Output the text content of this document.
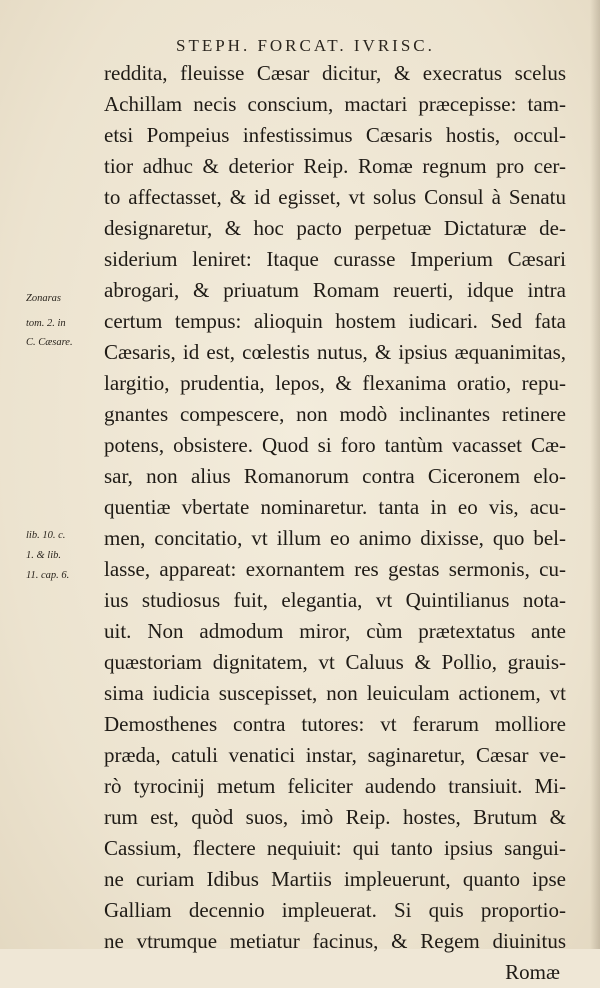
STEPH. FORCAT. IVRISC.
Zonaras
tom. 2. in
C. Cæsare.
lib. 10. c.
1. & lib.
11. cap. 6.
reddita, fleuisse Cæsar dicitur, & execratus scelus
Achillam necis conscium, mactari præcepisse: tam-
etsi Pompeius infestissimus Cæsaris hostis, occul-
tior adhuc & deterior Reip. Romæ regnum pro cer-
to affectasset, & id egisset, vt solus Consul à Senatu
designaretur, & hoc pacto perpetuæ Dictaturæ de-
siderium leniret: Itaque curasse Imperium Cæsari
abrogari, & priuatum Romam reuerti, idque intra
certum tempus: alioquin hostem iudicari. Sed fata
Cæsaris, id est, cœlestis nutus, & ipsius æquanimitas,
largitio, prudentia, lepos, & flexanima oratio, repu-
gnantes compescere, non modò inclinantes retinere
potens, obsistere. Quod si foro tantùm vacasset Cæ-
sar, non alius Romanorum contra Ciceronem elo-
quentiæ vbertate nominaretur. tanta in eo vis, acu-
men, concitatio, vt illum eo animo dixisse, quo bel-
lasse, appareat: exornantem res gestas sermonis, cu-
ius studiosus fuit, elegantia, vt Quintilianus nota-
uit. Non admodum miror, cùm prætextatus ante
quæstoriam dignitatem, vt Caluus & Pollio, grauis-
sima iudicia suscepisset, non leuiculam actionem, vt
Demosthenes contra tutores: vt ferarum molliore
præda, catuli venatici instar, saginaretur, Cæsar ve-
rò tyrocinij metum feliciter audendo transiuit. Mi-
rum est, quòd suos, imò Reip. hostes, Brutum &
Cassium, flectere nequiuit: qui tanto ipsius sangui-
ne curiam Idibus Martiis impleuerunt, quanto ipse
Galliam decennio impleuerat. Si quis proportio-
ne vtrumque metiatur facinus, & Regem diuinitus
Romæ
